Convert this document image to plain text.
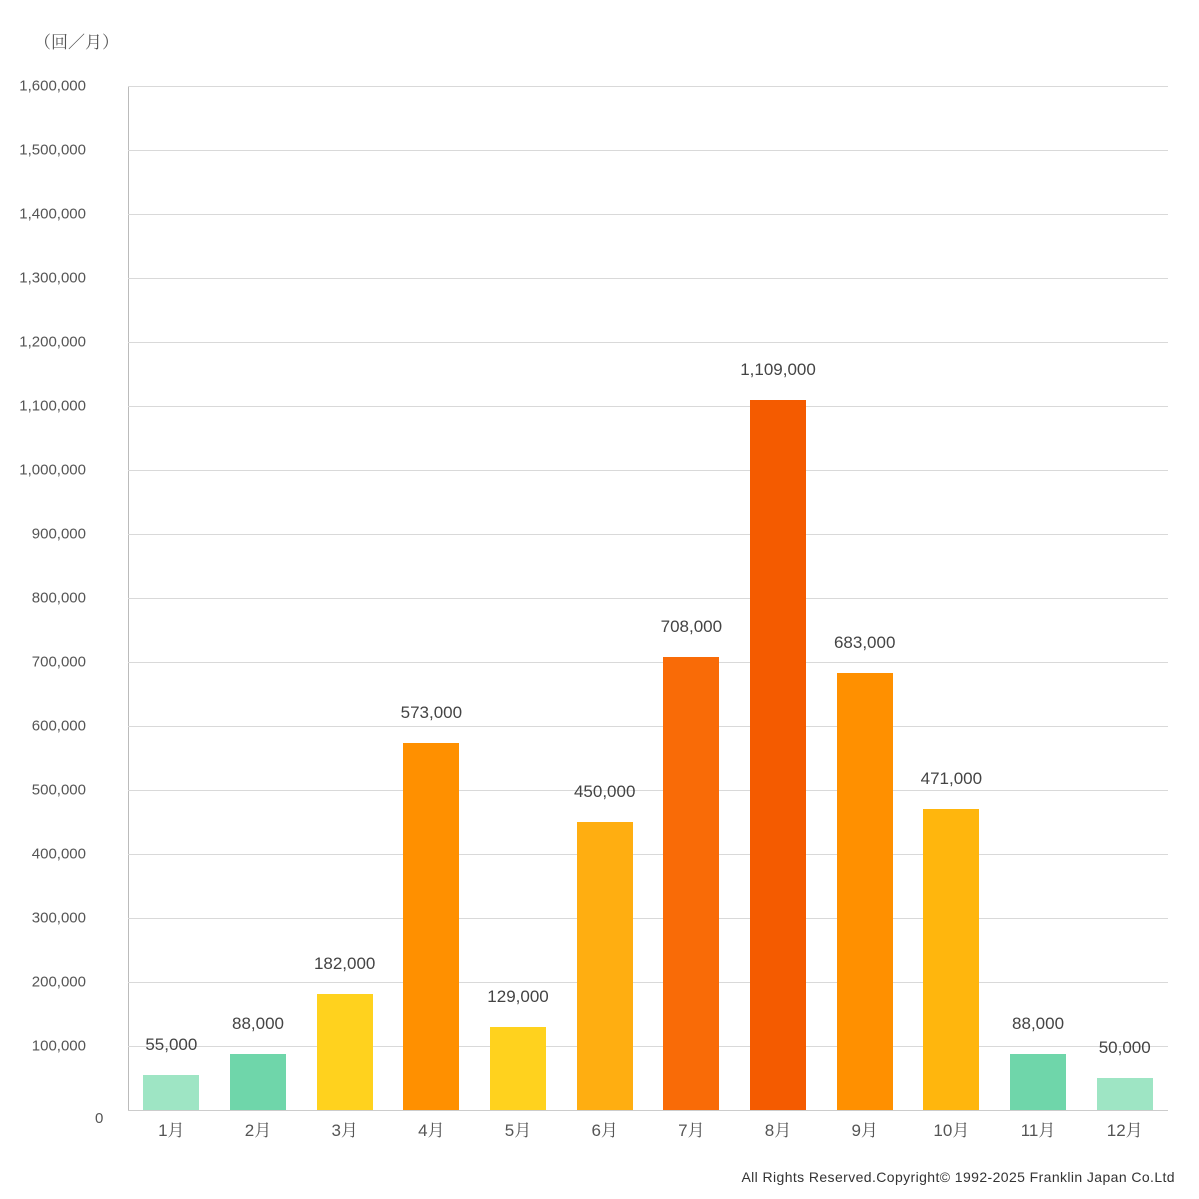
（回／月）
1,600,000
1,500,000
1,400,000
1,300,000
1,200,000
1,100,000
1,000,000
900,000
800,000
700,000
600,000
500,000
400,000
300,000
200,000
100,000	55,000
88,000
182,000
573,000
129,000
450,000
708,000
1,109,000
683,000
471,000
88,000
50,000
0
1月	2月	3月	4月	5月	6月	7月	8月	9月	10月	11月	12月
All Rights Reserved.Copyright© 1992-2025 Franklin Japan Co.Ltd
